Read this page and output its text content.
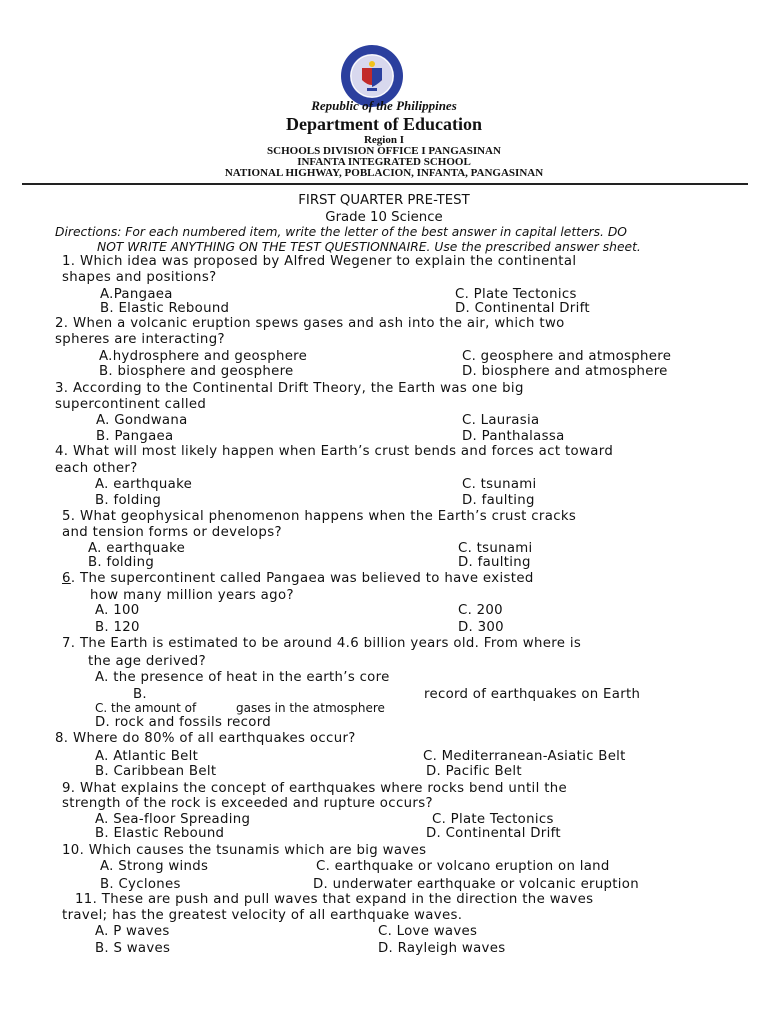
Republic of the Philippines
Department of Education
Region I
SCHOOLS DIVISION OFFICE I PANGASINAN
INFANTA INTEGRATED SCHOOL
NATIONAL HIGHWAY, POBLACION, INFANTA, PANGASINAN
FIRST QUARTER PRE-TEST
Grade 10 Science
Directions: For each numbered item, write the letter of the best answer in capital letters. DO
NOT WRITE ANYTHING ON THE TEST QUESTIONNAIRE. Use the prescribed answer sheet.
1. Which idea was proposed by Alfred Wegener to explain the continental
shapes and positions?
A.Pangaea	C. Plate Tectonics
B. Elastic Rebound	D. Continental Drift
2. When a volcanic eruption spews gases and ash into the air, which two
spheres are interacting?
A.hydrosphere and geosphere	C. geosphere and atmosphere
B. biosphere and geosphere	D. biosphere and atmosphere
3. According to the Continental Drift Theory, the Earth was one big
supercontinent called
A. Gondwana	C. Laurasia
B. Pangaea	D. Panthalassa
4. What will most likely happen when Earth’s crust bends and forces act toward
each other?
A. earthquake	C. tsunami
B. folding	D. faulting
5. What geophysical phenomenon happens when the Earth’s crust cracks
and tension forms or develops?
A. earthquake	C. tsunami
B. folding	D. faulting
6. The supercontinent called Pangaea was believed to have existed
how many million years ago?
A. 100	C. 200
B. 120	D. 300
7. The Earth is estimated to be around 4.6 billion years old. From where is
the age derived?
A. the presence of heat in the earth’s core
B.	record of earthquakes on Earth
C. the amount of	gases in the atmosphere
D. rock and fossils record
8. Where do 80% of all earthquakes occur?
A. Atlantic Belt	C. Mediterranean-Asiatic Belt
B. Caribbean Belt	D. Pacific Belt
9. What explains the concept of earthquakes where rocks bend until the
strength of the rock is exceeded and rupture occurs?
A. Sea-floor Spreading	C. Plate Tectonics
B. Elastic Rebound	D. Continental Drift
10. Which causes the tsunamis which are big waves
A. Strong winds	C. earthquake or volcano eruption on land
B. Cyclones	D. underwater earthquake or volcanic eruption
11. These are push and pull waves that expand in the direction the waves
travel; has the greatest velocity of all earthquake waves.
A. P waves	C. Love waves
B. S waves	D. Rayleigh waves
